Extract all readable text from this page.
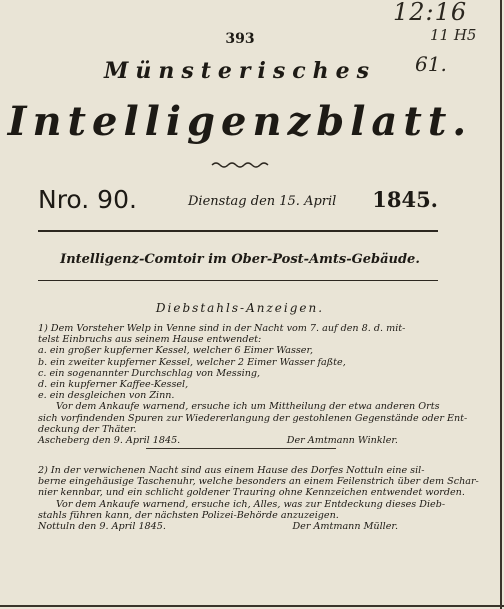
12:16
11 H5
61.
393
Münsterisches
Intelligenzblatt.
Nro. 90.	Dienstag den 15. April 1845.
Intelligenz-Comtoir im Ober-Post-Amts-Gebäude.
Diebstahls-Anzeigen.
1) Dem Vorsteher Welp in Venne sind in der Nacht vom 7. auf den 8. d. mit-
telst Einbruchs aus seinem Hause entwendet:
a. ein großer kupferner Kessel, welcher 6 Eimer Wasser,
b. ein zweiter kupferner Kessel, welcher 2 Eimer Wasser faßte,
c. ein sogenannter Durchschlag von Messing,
d. ein kupferner Kaffee-Kessel,
e. ein desgleichen von Zinn.
Vor dem Ankaufe warnend, ersuche ich um Mittheilung der etwa anderen Orts
sich vorfindenden Spuren zur Wiedererlangung der gestohlenen Gegenstände oder Ent-
deckung der Thäter.
Ascheberg den 9. April 1845.	Der Amtmann Winkler.
2) In der verwichenen Nacht sind aus einem Hause des Dorfes Nottuln eine sil-
berne eingehäusige Taschenuhr, welche besonders an einem Feilenstrich über dem Schar-
nier kennbar, und ein schlicht goldener Trauring ohne Kennzeichen entwendet worden.
Vor dem Ankaufe warnend, ersuche ich, Alles, was zur Entdeckung dieses Dieb-
stahls führen kann, der nächsten Polizei-Behörde anzuzeigen.
Nottuln den 9. April 1845.	Der Amtmann Müller.
